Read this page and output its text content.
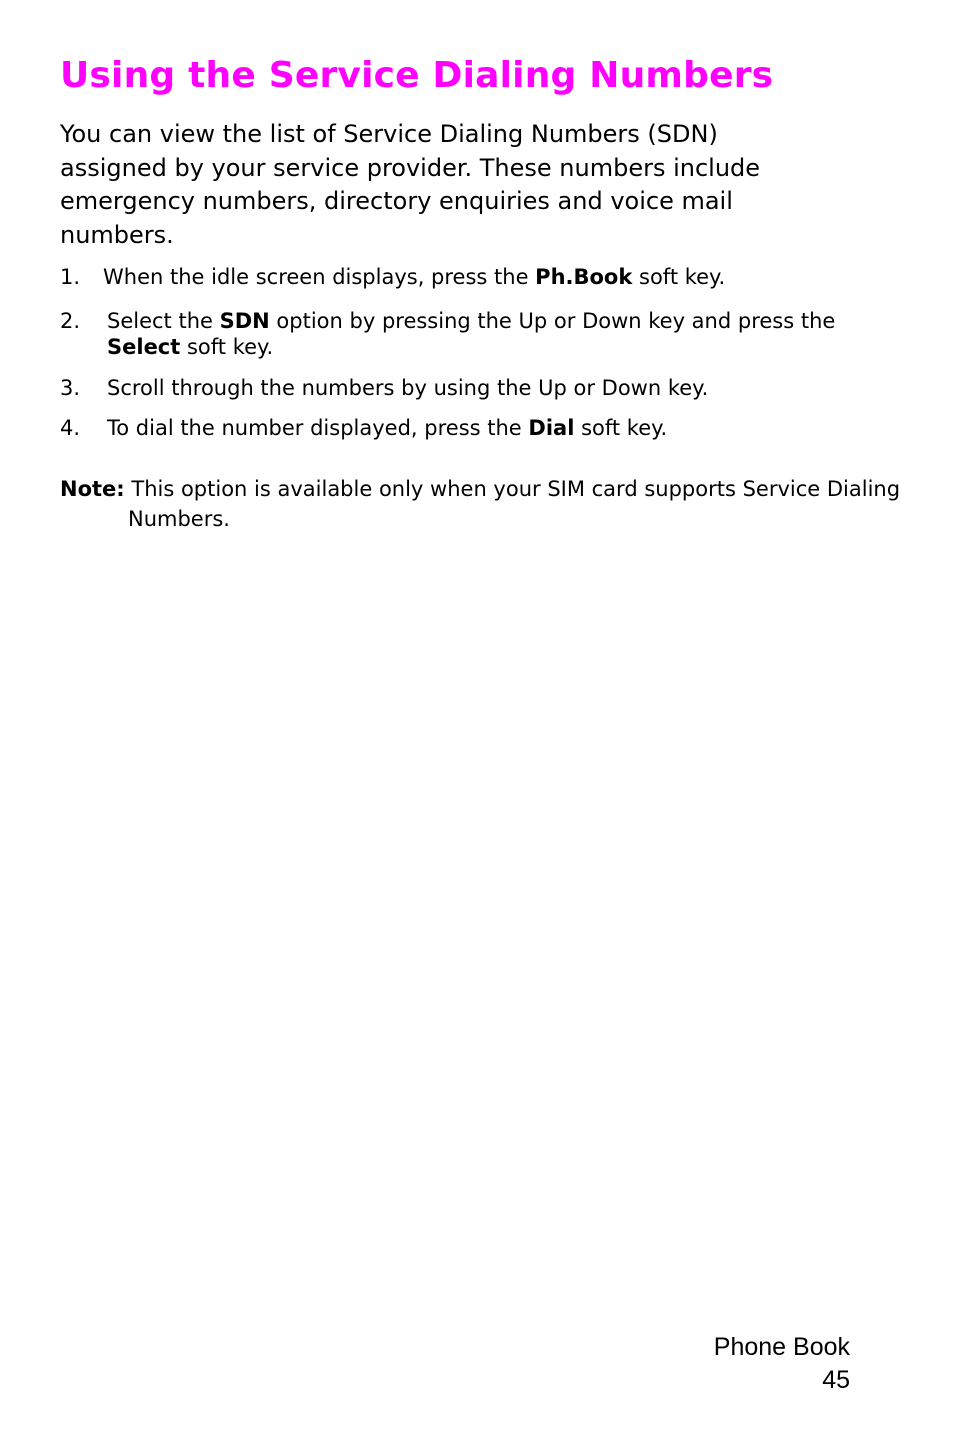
Using the Service Dialing Numbers

You can view the list of Service Dialing Numbers (SDN) assigned by your service provider. These numbers include emergency numbers, directory enquiries and voice mail numbers.

1. When the idle screen displays, press the Ph.Book soft key.
2. Select the SDN option by pressing the Up or Down key and press the Select soft key.
3. Scroll through the numbers by using the Up or Down key.
4. To dial the number displayed, press the Dial soft key.

Note: This option is available only when your SIM card supports Service Dialing Numbers.

Phone Book
45
